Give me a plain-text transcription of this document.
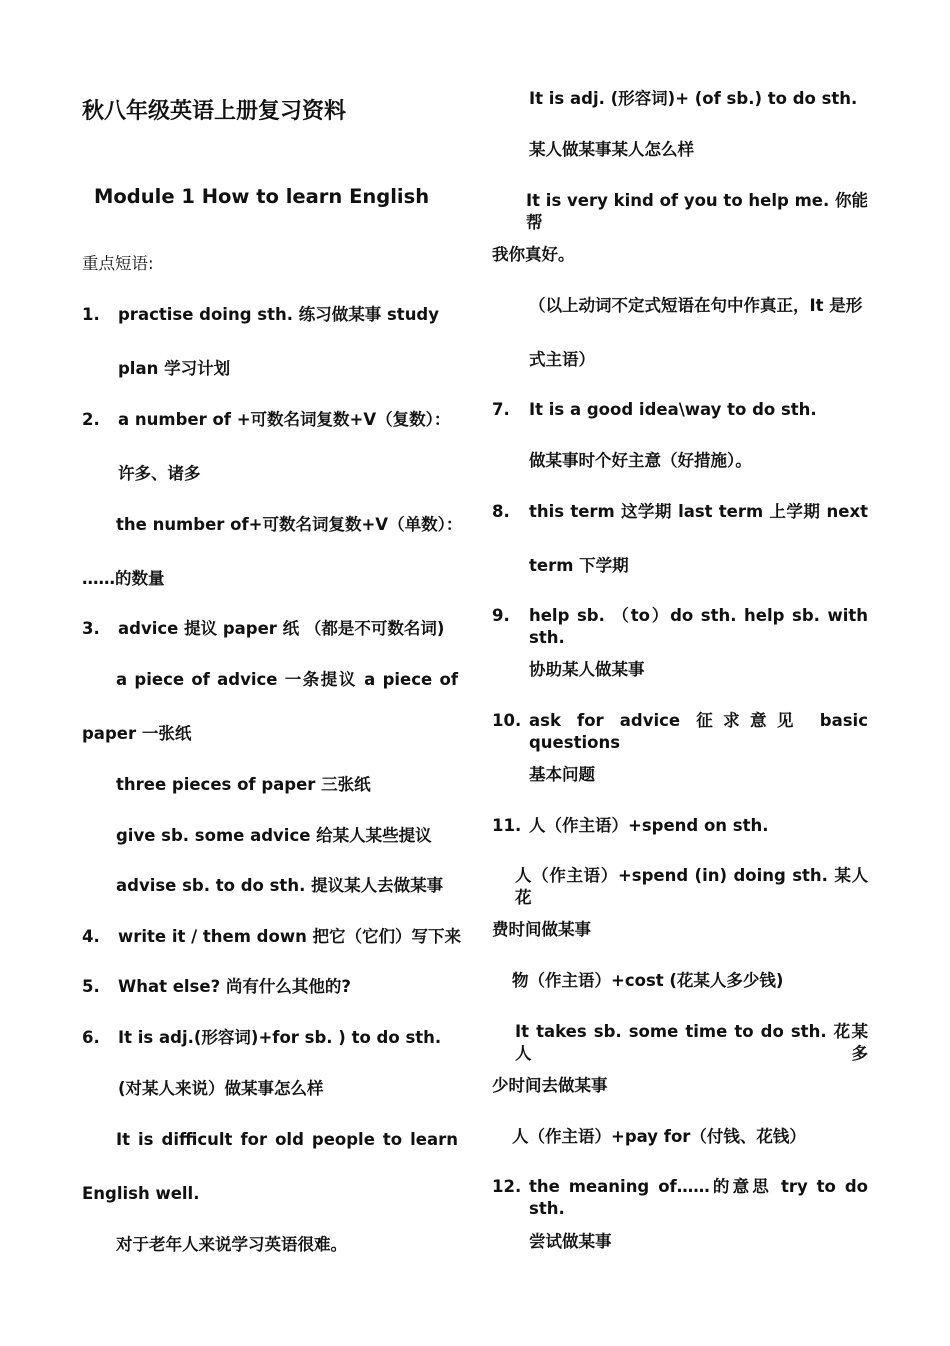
秋八年级英语上册复习资料
Module 1 How to learn English
重点短语:
1. practise doing sth. 练习做某事 study
plan 学习计划
2. a number of +可数名词复数+V（复数）：
许多、诸多
the number of+可数名词复数+V（单数）：
……的数量
3. advice 提议 paper 纸 （都是不可数名词)
a piece of advice 一条提议 a piece of
paper 一张纸
three pieces of paper 三张纸
give sb. some advice 给某人某些提议
advise sb. to do sth. 提议某人去做某事
4. write it / them down 把它（它们）写下来
5. What else? 尚有什么其他的?
6. It is adj.(形容词)+for sb. ) to do sth.
(对某人来说）做某事怎么样
It is difficult for old people to learn
English well.
对于老年人来说学习英语很难。
It is adj. (形容词)+ (of sb.) to do sth.
某人做某事某人怎么样
It is very kind of you to help me. 你能帮
我你真好。
（以上动词不定式短语在句中作真正，It 是形
式主语）
7. It is a good idea\way to do sth.
做某事时个好主意（好措施）。
8. this term 这学期 last term 上学期 next
term 下学期
9. help sb. （to）do sth. help sb. with sth.
协助某人做某事
10. ask for advice 征求意见 basic questions
基本问题
11. 人（作主语）+spend on sth.
人（作主语）+spend (in) doing sth. 某人花
费时间做某事
物（作主语）+cost (花某人多少钱)
It takes sb. some time to do sth. 花某人多
少时间去做某事
人（作主语）+pay for（付钱、花钱）
12. the meaning of……的意思 try to do sth.
尝试做某事
